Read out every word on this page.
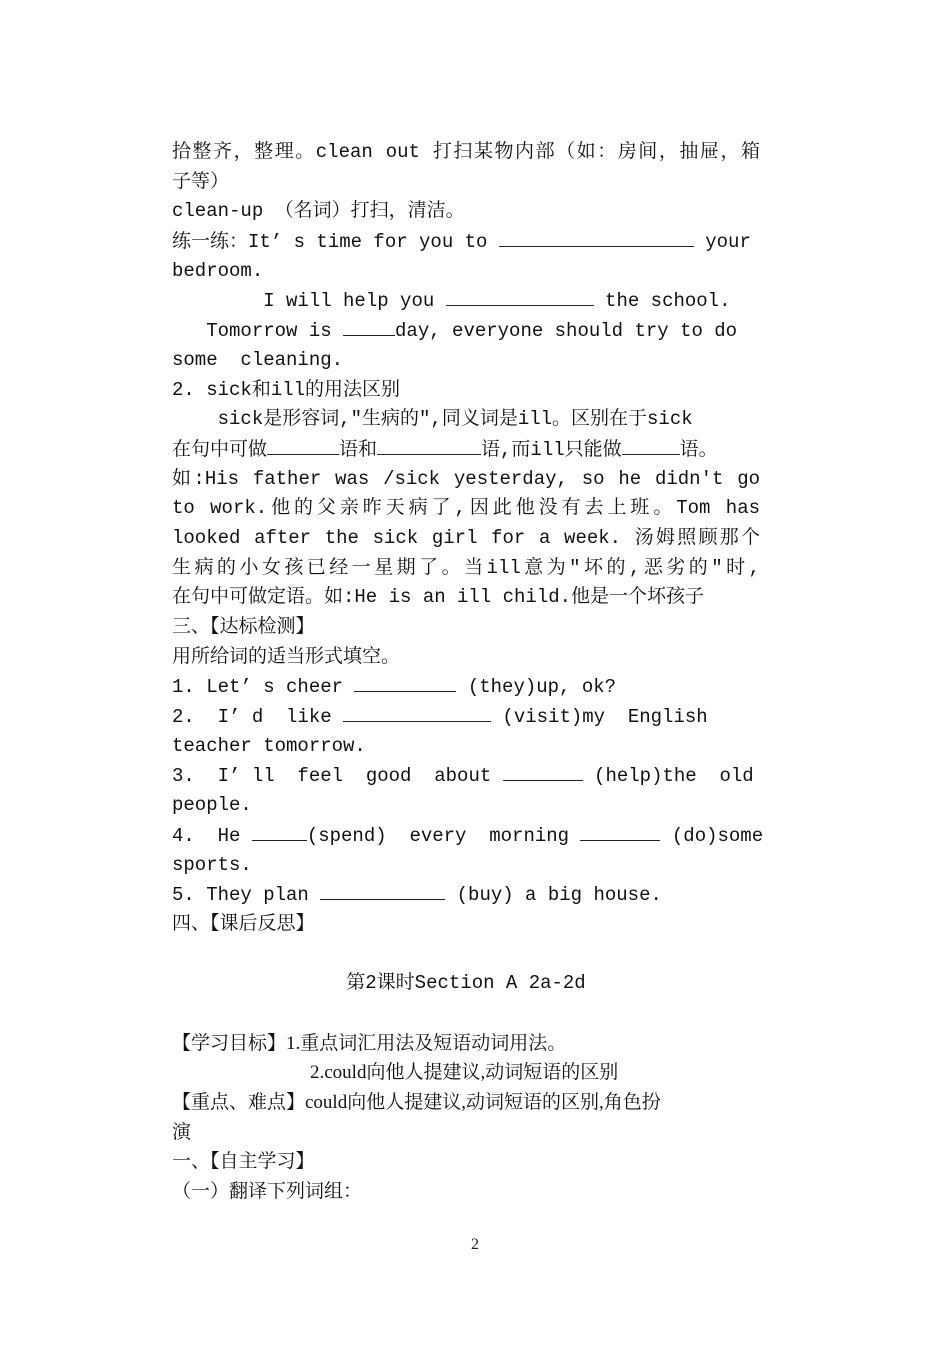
拾整齐，整理。clean out 打扫某物内部（如：房间，抽屉，箱
子等）
clean-up （名词）打扫，清洁。
练一练：It’ s time for you to	your
bedroom.
I will help you	the school.
Tomorrow is	day, everyone should try to do
some  cleaning.
2. sick和ill的用法区别
sick是形容词,"生病的",同义词是ill。区别在于sick
在句中可做	语和	语,而ill只能做	语。
如:His father was /sick yesterday, so he didn't go
to work.他的父亲昨天病了,因此他没有去上班。Tom has
looked after the sick girl for a week. 汤姆照顾那个
生病的小女孩已经一星期了。当ill意为"坏的,恶劣的"时,
在句中可做定语。如:He is an ill child.他是一个坏孩子
三、【达标检测】
用所给词的适当形式填空。
1. Let’ s cheer	(they)up, ok?
2.  I’ d  like	(visit)my  English
teacher tomorrow.
3.  I’ ll  feel  good  about	(help)the  old
people.
4.  He	(spend)  every  morning	(do)some
sports.
5. They plan	(buy) a big house.
四、【课后反思】
第2课时Section A 2a-2d
【学习目标】1.重点词汇用法及短语动词用法。
2.could向他人提建议,动词短语的区别
【重点、难点】could向他人提建议,动词短语的区别,角色扮
演
一、【自主学习】
（一）翻译下列词组：
2
